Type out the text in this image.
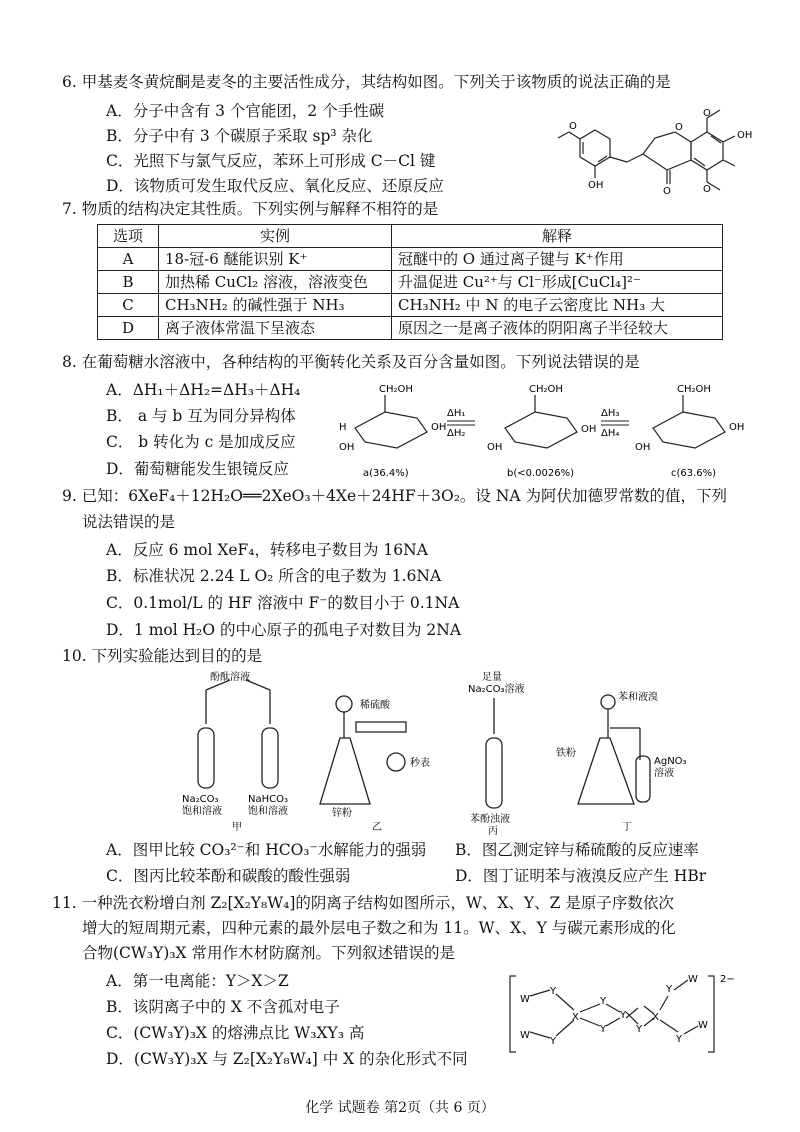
6. 甲基麦冬黄烷酮是麦冬的主要活性成分，其结构如图。下列关于该物质的说法正确的是
A．分子中含有 3 个官能团，2 个手性碳
B．分子中有 3 个碳原子采取 sp³ 杂化
C．光照下与氯气反应，苯环上可形成 C－Cl 键
D．该物质可发生取代反应、氧化反应、还原反应
O
OH
O
O
OH
O
O
7. 物质的结构决定其性质。下列实例与解释不相符的是
选项	实例	解释
A	18-冠-6 醚能识别 K⁺	冠醚中的 O 通过离子键与 K⁺作用
B	加热稀 CuCl₂ 溶液，溶液变色	升温促进 Cu²⁺与 Cl⁻形成[CuCl₄]²⁻
C	CH₃NH₂ 的碱性强于 NH₃	CH₃NH₂ 中 N 的电子云密度比 NH₃ 大
D	离子液体常温下呈液态	原因之一是离子液体的阴阳离子半径较大
8. 在葡萄糖水溶液中，各种结构的平衡转化关系及百分含量如图。下列说法错误的是
A．ΔH₁＋ΔH₂=ΔH₃＋ΔH₄
B． a 与 b 互为同分异构体
C． b 转化为 c 是加成反应
D．葡萄糖能发生银镜反应
CH₂OH	CH₂OH	CH₂OH
H	OH
OH
OH
OH
OH
OH
ΔH₁
ΔH₂
ΔH₃
ΔH₄
a(36.4%)	b(<0.0026%)	c(63.6%)
9. 已知：6XeF₄＋12H₂O══2XeO₃＋4Xe＋24HF＋3O₂。设 NA 为阿伏加德罗常数的值，下列
说法错误的是
A．反应 6 mol XeF₄，转移电子数目为 16NA
B．标准状况 2.24 L O₂ 所含的电子数为 1.6NA
C．0.1mol/L 的 HF 溶液中 F⁻的数目小于 0.1NA
D．1 mol H₂O 的中心原子的孤电子对数目为 2NA
10. 下列实验能达到目的的是
酚酞溶液
Na₂CO₃
饱和溶液
NaHCO₃
饱和溶液
甲
稀硫酸
秒表
锌粉
乙
足量
Na₂CO₃溶液
苯酚浊液
丙
苯和液溴
铁粉
AgNO₃
溶液
丁
A．图甲比较 CO₃²⁻和 HCO₃⁻水解能力的强弱 B．图乙测定锌与稀硫酸的反应速率
C．图丙比较苯酚和碳酸的酸性强弱	D．图丁证明苯与液溴反应产生 HBr
11. 一种洗衣粉增白剂 Z₂[X₂Y₈W₄]的阴离子结构如图所示，W、X、Y、Z 是原子序数依次
增大的短周期元素，四种元素的最外层电子数之和为 11。W、X、Y 与碳元素形成的化
合物(CW₃Y)₃X 常用作木材防腐剂。下列叙述错误的是
A．第一电离能：Y＞X＞Z
B．该阴离子中的 X 不含孤对电子
C．(CW₃Y)₃X 的熔沸点比 W₃XY₃ 高
D．(CW₃Y)₃X 与 Z₂[X₂Y₈W₄] 中 X 的杂化形式不同
W
W
Y
Y
X
Y
Y
Y
Y
X
Y
Y
W
W
2−
化学 试题卷 第2页（共 6 页）
